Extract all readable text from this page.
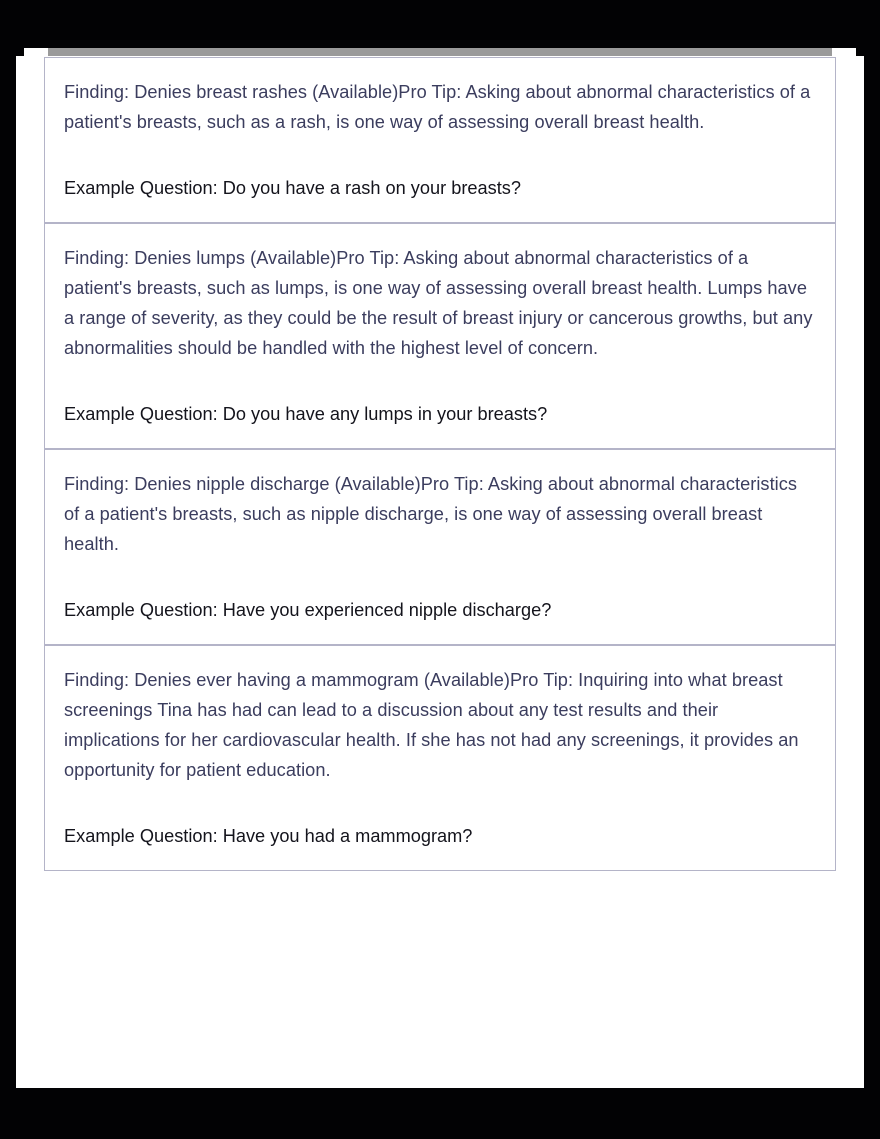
Finding: Denies breast rashes (Available)Pro Tip: Asking about abnormal characteristics of a patient's breasts, such as a rash, is one way of assessing overall breast health.
Example Question: Do you have a rash on your breasts?
Finding: Denies lumps (Available)Pro Tip: Asking about abnormal characteristics of a patient's breasts, such as lumps, is one way of assessing overall breast health. Lumps have a range of severity, as they could be the result of breast injury or cancerous growths, but any abnormalities should be handled with the highest level of concern.
Example Question: Do you have any lumps in your breasts?
Finding: Denies nipple discharge (Available)Pro Tip: Asking about abnormal characteristics of a patient's breasts, such as nipple discharge, is one way of assessing overall breast health.
Example Question: Have you experienced nipple discharge?
Finding: Denies ever having a mammogram (Available)Pro Tip: Inquiring into what breast screenings Tina has had can lead to a discussion about any test results and their implications for her cardiovascular health. If she has not had any screenings, it provides an opportunity for patient education.
Example Question: Have you had a mammogram?
